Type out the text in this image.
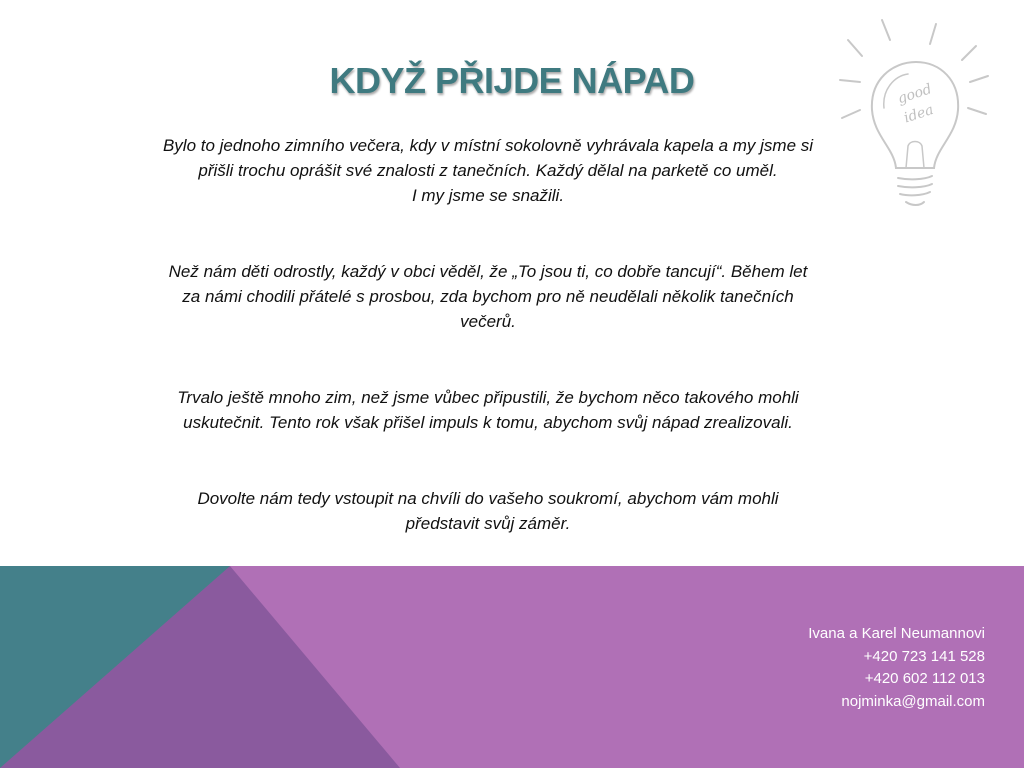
KDYŽ PŘIJDE NÁPAD	good
idea

Bylo to jednoho zimního večera, kdy v místní sokolovně vyhrávala kapela a my jsme si
přišli trochu oprášit své znalosti z tanečních. Každý dělal na parketě co uměl.
I my jsme se snažili.

Než nám děti odrostly, každý v obci věděl, že „To jsou ti, co dobře tancují“. Během let
za námi chodili přátelé s prosbou, zda bychom pro ně neudělali několik tanečních
večerů.

Trvalo ještě mnoho zim, než jsme vůbec připustili, že bychom něco takového mohli
uskutečnit. Tento rok však přišel impuls k tomu, abychom svůj nápad zrealizovali.

Dovolte nám tedy vstoupit na chvíli do vašeho soukromí, abychom vám mohli
představit svůj záměr.

Ivana a Karel Neumannovi
+420 723 141 528
+420 602 112 013
nojminka@gmail.com
